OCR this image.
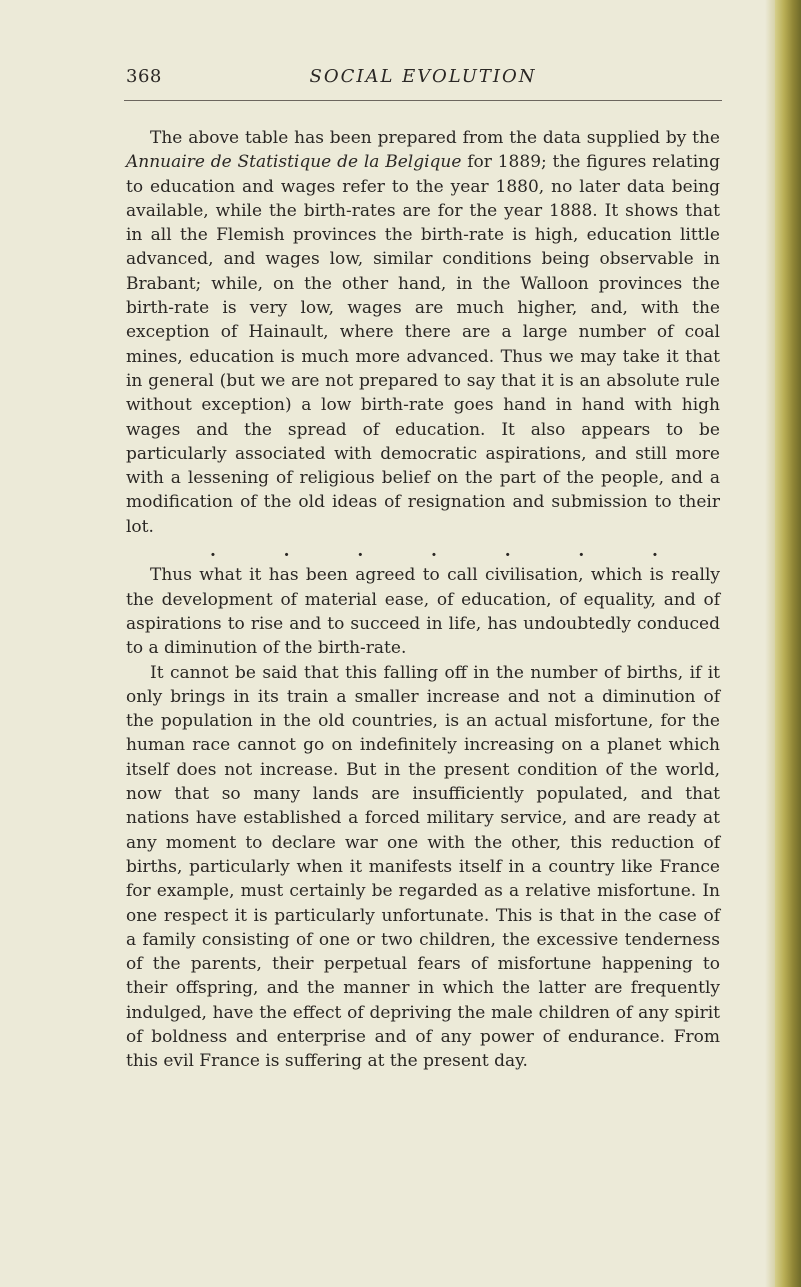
368	SOCIAL EVOLUTION

The above table has been prepared from the data supplied by the Annuaire de Statistique de la Belgique for 1889; the figures relating to education and wages refer to the year 1880, no later data being available, while the birth-rates are for the year 1888. It shows that in all the Flemish provinces the birth-rate is high, education little advanced, and wages low, similar conditions being observable in Brabant; while, on the other hand, in the Walloon provinces the birth-rate is very low, wages are much higher, and, with the exception of Hainault, where there are a large number of coal mines, education is much more advanced. Thus we may take it that in general (but we are not prepared to say that it is an absolute rule without exception) a low birth-rate goes hand in hand with high wages and the spread of education. It also appears to be particularly associated with democratic aspirations, and still more with a lessening of religious belief on the part of the people, and a modification of the old ideas of resignation and submission to their lot.

.	.	.	.	.	.	.

Thus what it has been agreed to call civilisation, which is really the development of material ease, of education, of equality, and of aspirations to rise and to succeed in life, has undoubtedly conduced to a diminution of the birth-rate.

It cannot be said that this falling off in the number of births, if it only brings in its train a smaller increase and not a diminution of the population in the old countries, is an actual misfortune, for the human race cannot go on indefinitely increasing on a planet which itself does not increase. But in the present condition of the world, now that so many lands are insufficiently populated, and that nations have established a forced military service, and are ready at any moment to declare war one with the other, this reduction of births, particularly when it manifests itself in a country like France for example, must certainly be regarded as a relative misfortune. In one respect it is particularly unfortunate. This is that in the case of a family consisting of one or two children, the excessive tenderness of the parents, their perpetual fears of misfortune happening to their offspring, and the manner in which the latter are frequently indulged, have the effect of depriving the male children of any spirit of boldness and enterprise and of any power of endurance. From this evil France is suffering at the present day.
